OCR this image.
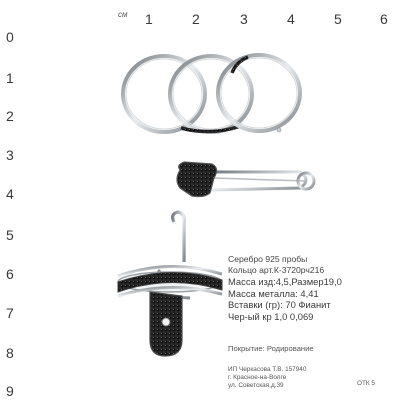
см 1	2	3	4	5	6
0
1
2
3
4
5
6
7
8
9
Серебро 925 пробы
Кольцо арт.К-3720рч216
Масса изд:4,5,Размер19,0
Масса металла: 4,41
Вставки (гр): 70 Фианит
Чер-ый кр 1,0 0,069
Покрытие: Родирование
ИП Черкасова Т.В. 157940
г. Красное-на-Волге
ул. Советская,д.39	ОТК 5
